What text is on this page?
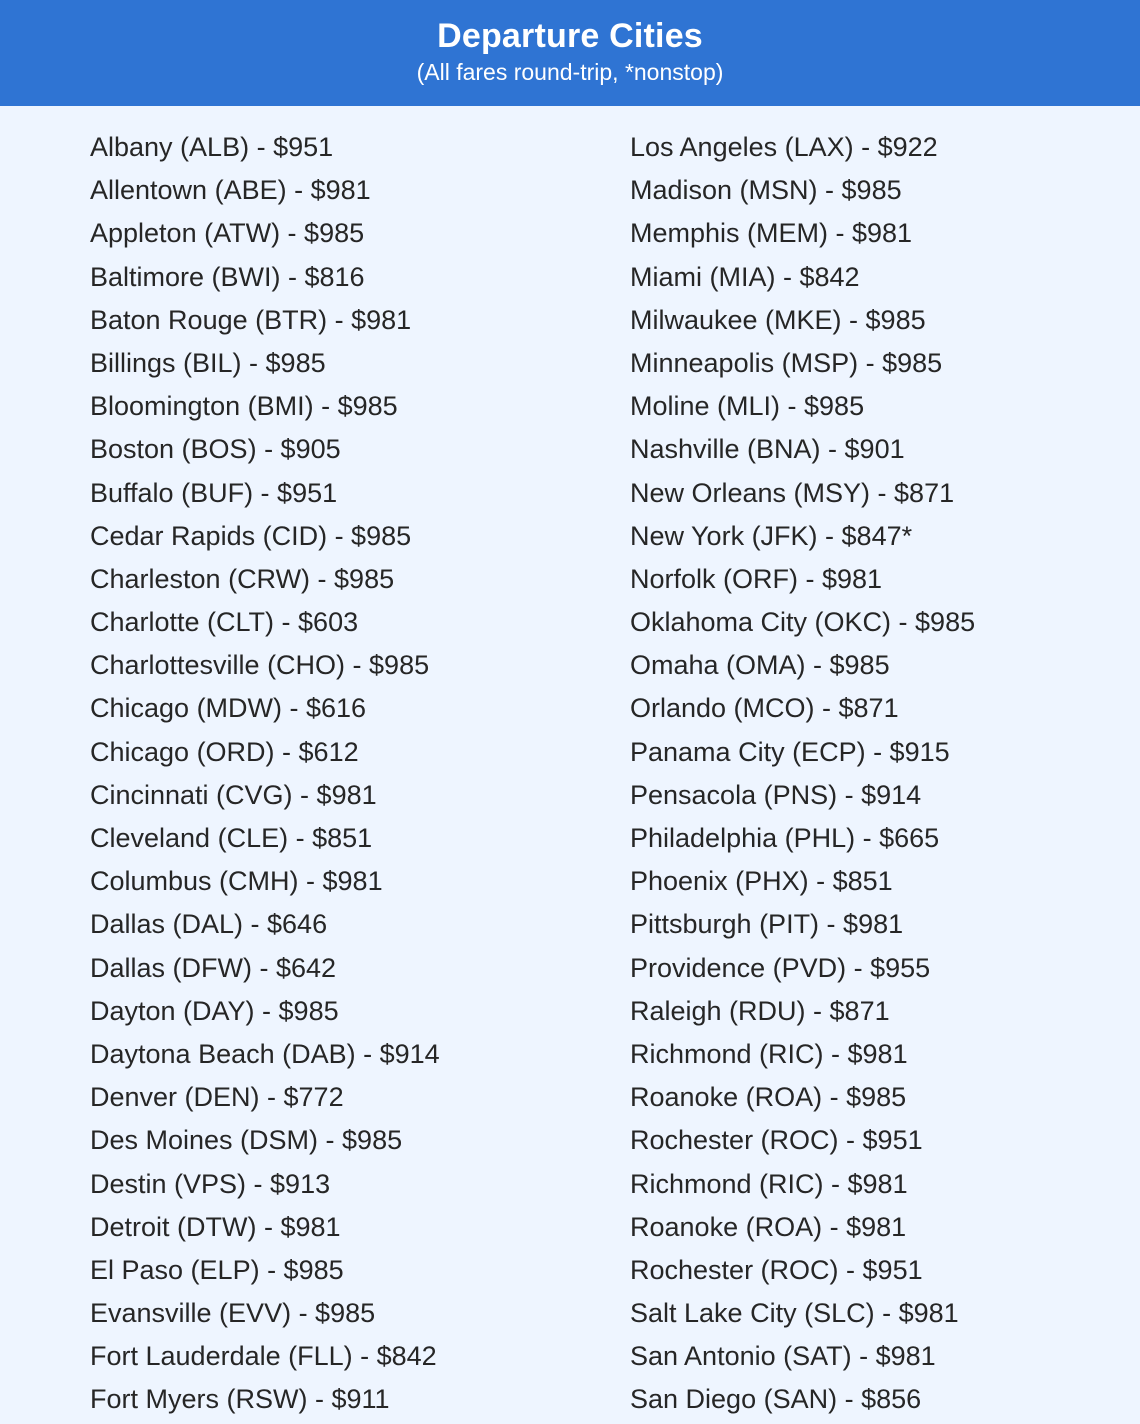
Departure Cities
(All fares round-trip, *nonstop)
Albany (ALB) - $951
Allentown (ABE) - $981
Appleton (ATW) - $985
Baltimore (BWI) - $816
Baton Rouge (BTR) - $981
Billings (BIL) - $985
Bloomington (BMI) - $985
Boston (BOS) - $905
Buffalo (BUF) - $951
Cedar Rapids (CID) - $985
Charleston (CRW) - $985
Charlotte (CLT) - $603
Charlottesville (CHO) - $985
Chicago (MDW) - $616
Chicago (ORD) - $612
Cincinnati (CVG) - $981
Cleveland (CLE) - $851
Columbus (CMH) - $981
Dallas (DAL) - $646
Dallas (DFW) - $642
Dayton (DAY) - $985
Daytona Beach (DAB) - $914
Denver (DEN) - $772
Des Moines (DSM) - $985
Destin (VPS) - $913
Detroit (DTW) - $981
El Paso (ELP) - $985
Evansville (EVV) - $985
Fort Lauderdale (FLL) - $842
Fort Myers (RSW) - $911
Los Angeles (LAX) - $922
Madison (MSN) - $985
Memphis (MEM) - $981
Miami (MIA) - $842
Milwaukee (MKE) - $985
Minneapolis (MSP) - $985
Moline (MLI) - $985
Nashville (BNA) - $901
New Orleans (MSY) - $871
New York (JFK) - $847*
Norfolk (ORF) - $981
Oklahoma City (OKC) - $985
Omaha (OMA) - $985
Orlando (MCO) - $871
Panama City (ECP) - $915
Pensacola (PNS) - $914
Philadelphia (PHL) - $665
Phoenix (PHX) - $851
Pittsburgh (PIT) - $981
Providence (PVD) - $955
Raleigh (RDU) - $871
Richmond (RIC) - $981
Roanoke (ROA) - $985
Rochester (ROC) - $951
Richmond (RIC) - $981
Roanoke (ROA) - $981
Rochester (ROC) - $951
Salt Lake City (SLC) - $981
San Antonio (SAT) - $981
San Diego (SAN) - $856
